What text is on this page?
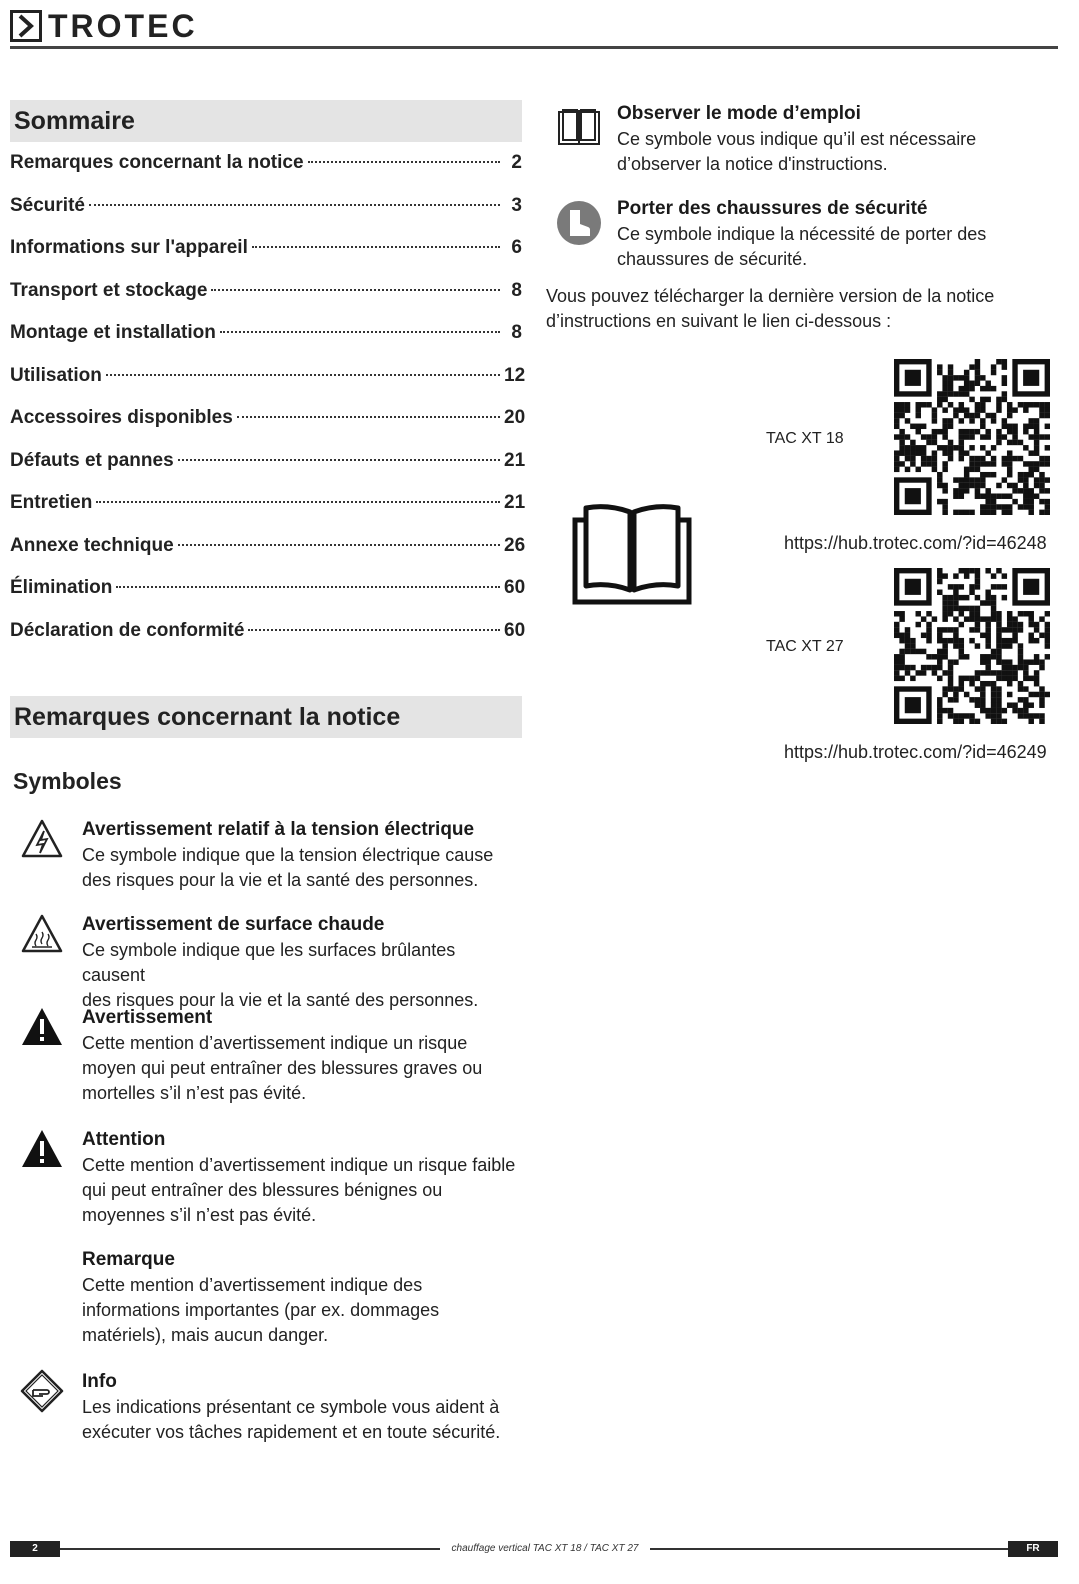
TROTEC
Sommaire
Remarques concernant la notice	2
Sécurité	3
Informations sur l'appareil	6
Transport et stockage	8
Montage et installation	8
Utilisation	12
Accessoires disponibles	20
Défauts et pannes	21
Entretien	21
Annexe technique	26
Élimination	60
Déclaration de conformité	60
Remarques concernant la notice
Symboles
Avertissement relatif à la tension électrique
Ce symbole indique que la tension électrique cause
des risques pour la vie et la santé des personnes.
Avertissement de surface chaude
Ce symbole indique que les surfaces brûlantes causent
des risques pour la vie et la santé des personnes.
Avertissement
Cette mention d’avertissement indique un risque
moyen qui peut entraîner des blessures graves ou
mortelles s’il n’est pas évité.
Attention
Cette mention d’avertissement indique un risque faible
qui peut entraîner des blessures bénignes ou
moyennes s’il n’est pas évité.
Remarque
Cette mention d’avertissement indique des
informations importantes (par ex. dommages
matériels), mais aucun danger.
Info
Les indications présentant ce symbole vous aident à
exécuter vos tâches rapidement et en toute sécurité.
Observer le mode d’emploi
Ce symbole vous indique qu’il est nécessaire
d’observer la notice d'instructions.
Porter des chaussures de sécurité
Ce symbole indique la nécessité de porter des
chaussures de sécurité.
Vous pouvez télécharger la dernière version de la notice
d’instructions en suivant le lien ci-dessous :
TAC XT 18
https://hub.trotec.com/?id=46248
TAC XT 27
https://hub.trotec.com/?id=46249
2	chauffage vertical TAC XT 18 / TAC XT 27	FR
